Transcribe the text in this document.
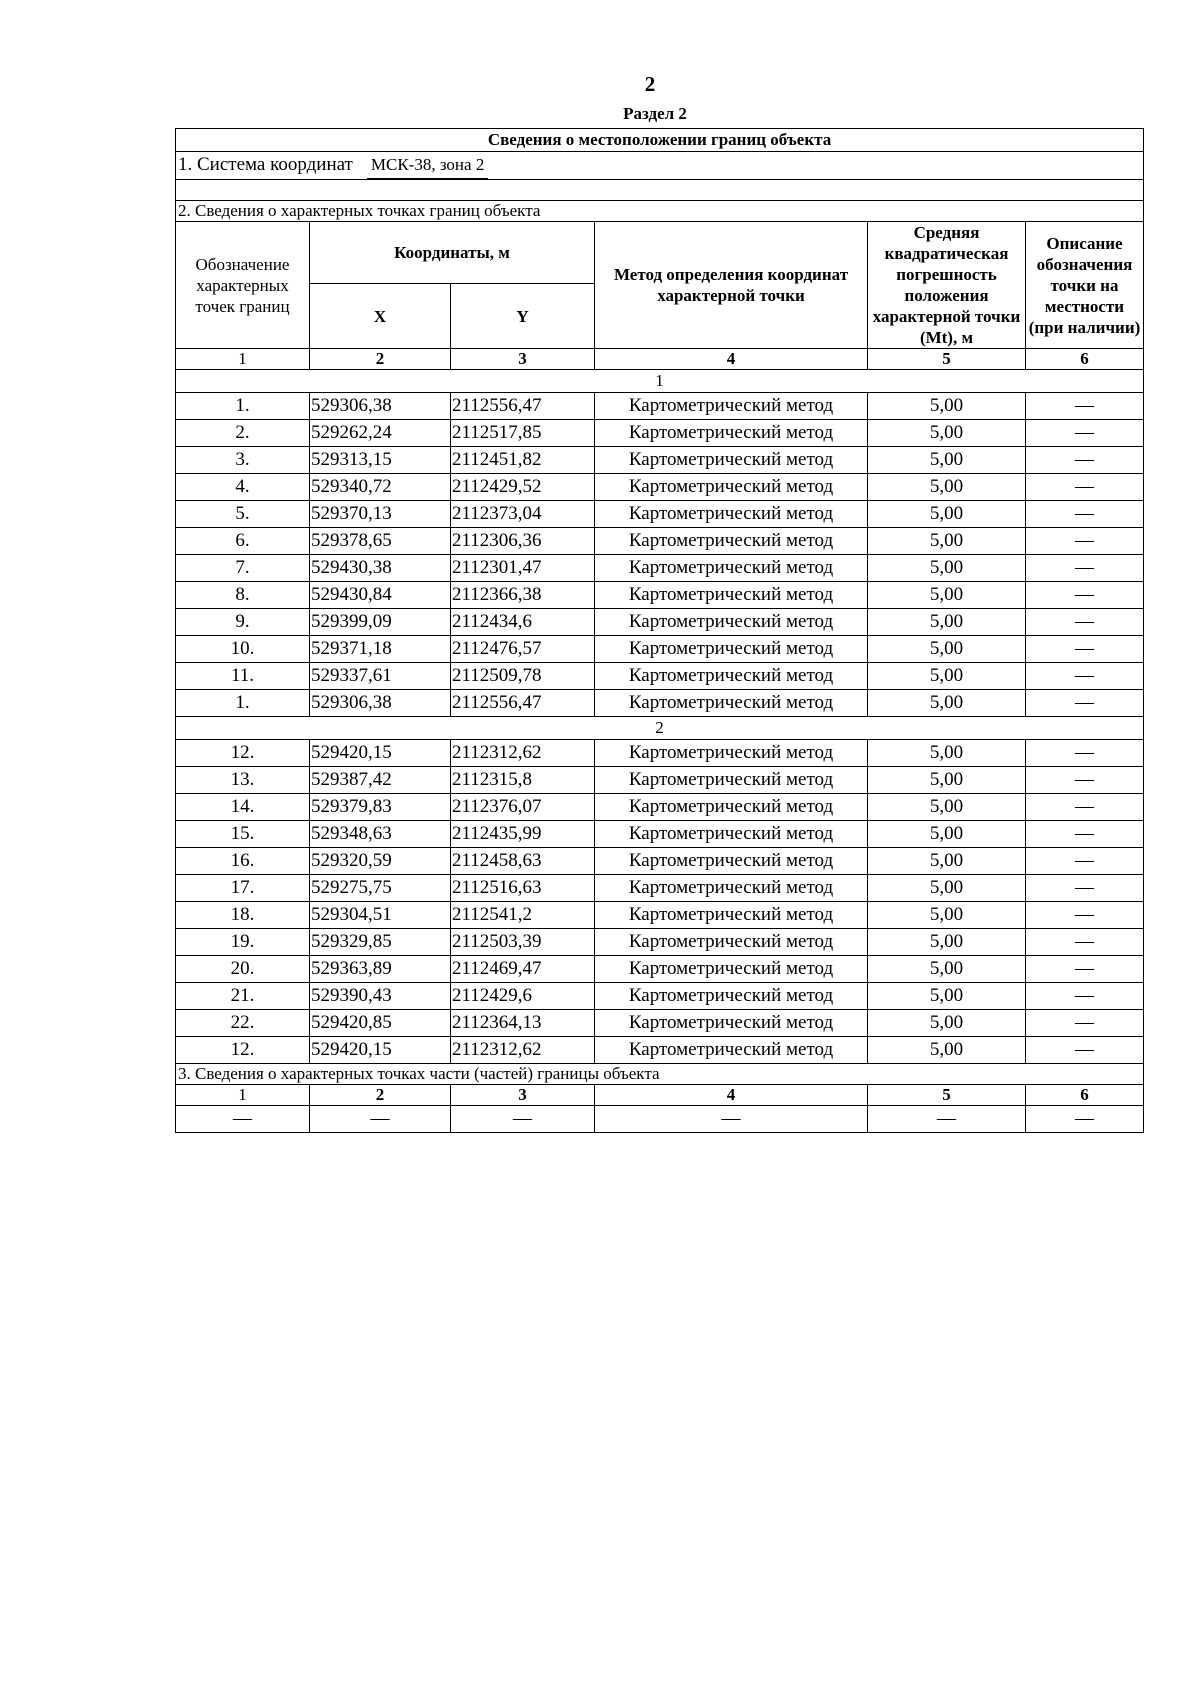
2
Раздел 2
Сведения о местоположении границ объекта					
1. Система координат МСК-38, зона 2					

2. Сведения о характерных точках границ объекта					
Обозначение характерных точек границ	Координаты, м		Метод определения координат характерной точки	Средняя квадратическая погрешность положения характерной точки (Mt), м	Описание обозначения точки на местности (при наличии)
	X	Y			
1	2	3	4	5	6
1					
1.	529306,38	2112556,47	Картометрический метод	5,00	—
2.	529262,24	2112517,85	Картометрический метод	5,00	—
3.	529313,15	2112451,82	Картометрический метод	5,00	—
4.	529340,72	2112429,52	Картометрический метод	5,00	—
5.	529370,13	2112373,04	Картометрический метод	5,00	—
6.	529378,65	2112306,36	Картометрический метод	5,00	—
7.	529430,38	2112301,47	Картометрический метод	5,00	—
8.	529430,84	2112366,38	Картометрический метод	5,00	—
9.	529399,09	2112434,6	Картометрический метод	5,00	—
10.	529371,18	2112476,57	Картометрический метод	5,00	—
11.	529337,61	2112509,78	Картометрический метод	5,00	—
1.	529306,38	2112556,47	Картометрический метод	5,00	—
2					
12.	529420,15	2112312,62	Картометрический метод	5,00	—
13.	529387,42	2112315,8	Картометрический метод	5,00	—
14.	529379,83	2112376,07	Картометрический метод	5,00	—
15.	529348,63	2112435,99	Картометрический метод	5,00	—
16.	529320,59	2112458,63	Картометрический метод	5,00	—
17.	529275,75	2112516,63	Картометрический метод	5,00	—
18.	529304,51	2112541,2	Картометрический метод	5,00	—
19.	529329,85	2112503,39	Картометрический метод	5,00	—
20.	529363,89	2112469,47	Картометрический метод	5,00	—
21.	529390,43	2112429,6	Картометрический метод	5,00	—
22.	529420,85	2112364,13	Картометрический метод	5,00	—
12.	529420,15	2112312,62	Картометрический метод	5,00	—
3. Сведения о характерных точках части (частей) границы объекта					
1	2	3	4	5	6
—	—	—	—	—	—
